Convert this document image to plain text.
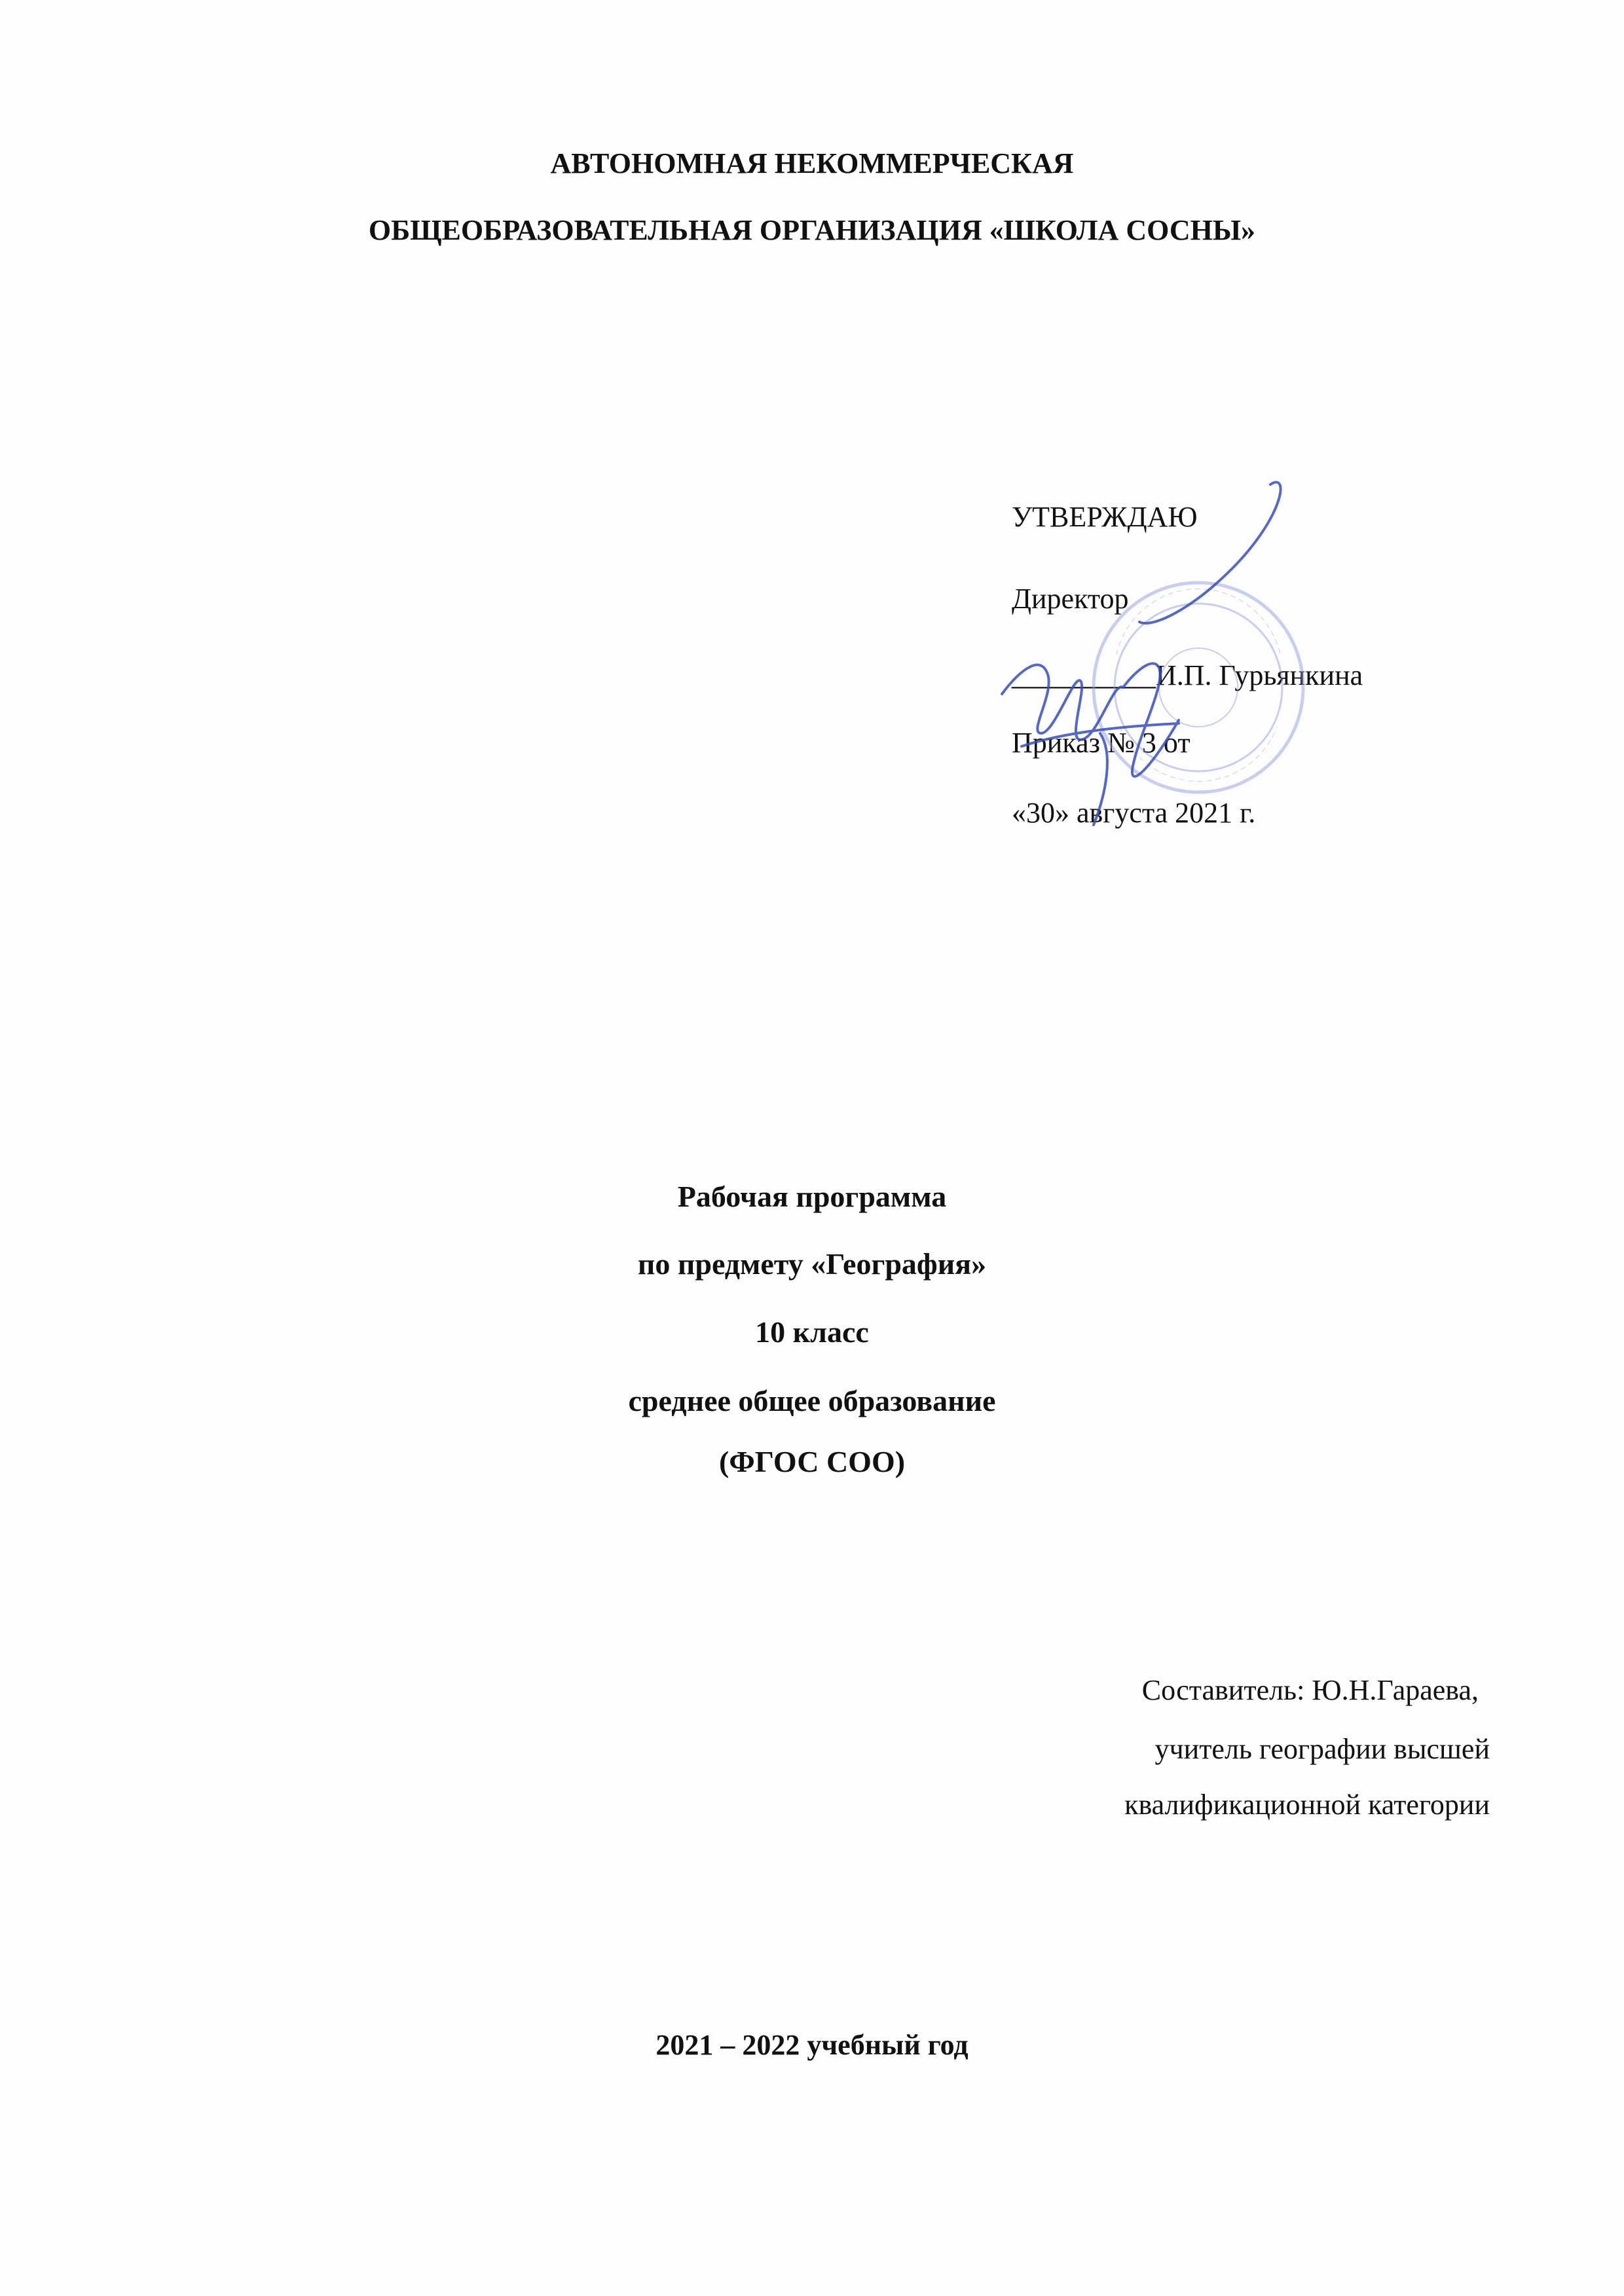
АВТОНОМНАЯ НЕКОММЕРЧЕСКАЯ
ОБЩЕОБРАЗОВАТЕЛЬНАЯ ОРГАНИЗАЦИЯ «ШКОЛА СОСНЫ»
УТВЕРЖДАЮ
Директор
__________И.П. Гурьянкина
Приказ № 3 от
«30» августа 2021 г.
Рабочая программа
по предмету «География»
10 класс
среднее общее образование
(ФГОС СОО)
Составитель: Ю.Н.Гараева,
учитель географии высшей
квалификационной категории
2021 – 2022 учебный год
